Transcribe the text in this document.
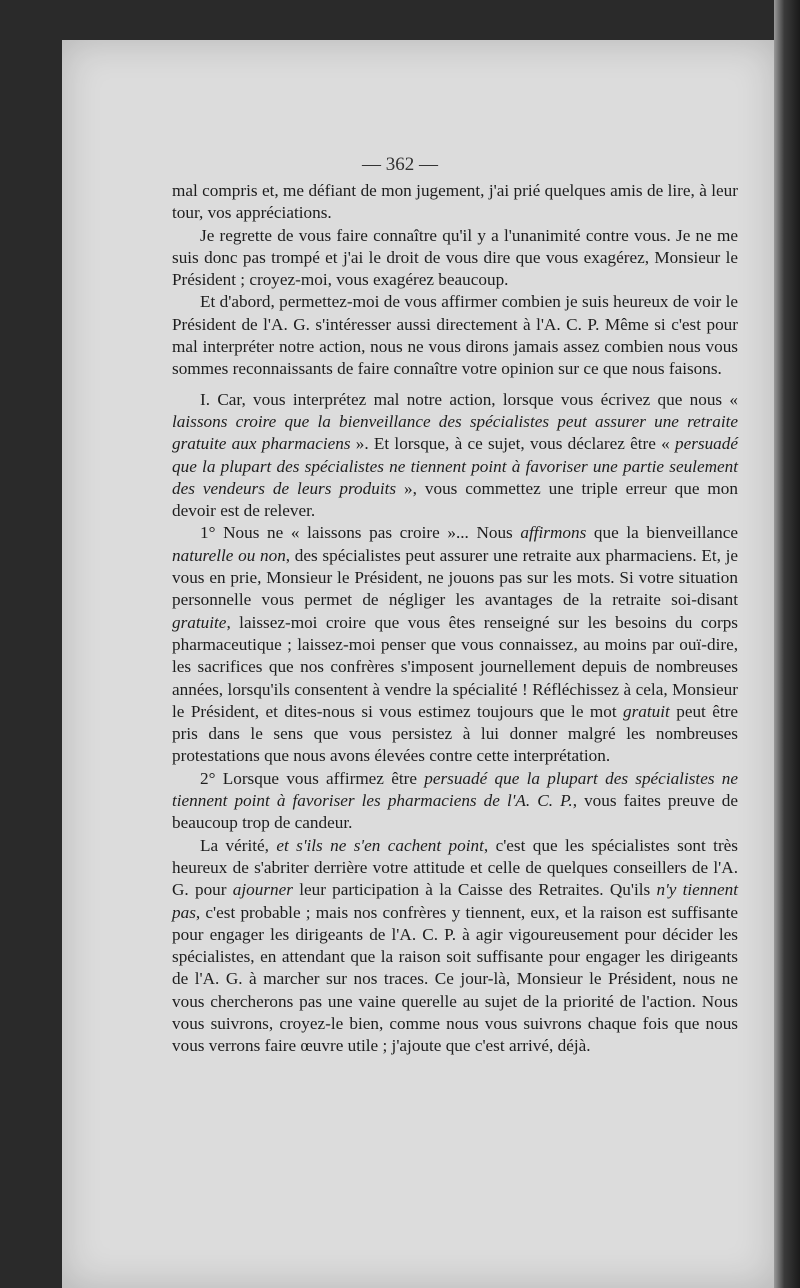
— 362 —

mal compris et, me défiant de mon jugement, j'ai prié quelques amis de lire, à leur tour, vos appréciations.

Je regrette de vous faire connaître qu'il y a l'unanimité contre vous. Je ne me suis donc pas trompé et j'ai le droit de vous dire que vous exagérez, Monsieur le Président ; croyez-moi, vous exagérez beaucoup.

Et d'abord, permettez-moi de vous affirmer combien je suis heureux de voir le Président de l'A. G. s'intéresser aussi directement à l'A. C. P. Même si c'est pour mal interpréter notre action, nous ne vous dirons jamais assez combien nous vous sommes reconnaissants de faire connaître votre opinion sur ce que nous faisons.

I. Car, vous interprétez mal notre action, lorsque vous écrivez que nous « laissons croire que la bienveillance des spécialistes peut assurer une retraite gratuite aux pharmaciens ». Et lorsque, à ce sujet, vous déclarez être « persuadé que la plupart des spécialistes ne tiennent point à favoriser une partie seulement des vendeurs de leurs produits », vous commettez une triple erreur que mon devoir est de relever.

1° Nous ne « laissons pas croire »... Nous affirmons que la bienveillance naturelle ou non, des spécialistes peut assurer une retraite aux pharmaciens. Et, je vous en prie, Monsieur le Président, ne jouons pas sur les mots. Si votre situation personnelle vous permet de négliger les avantages de la retraite soi-disant gratuite, laissez-moi croire que vous êtes renseigné sur les besoins du corps pharmaceutique ; laissez-moi penser que vous connaissez, au moins par ouï-dire, les sacrifices que nos confrères s'imposent journellement depuis de nombreuses années, lorsqu'ils consentent à vendre la spécialité ! Réfléchissez à cela, Monsieur le Président, et dites-nous si vous estimez toujours que le mot gratuit peut être pris dans le sens que vous persistez à lui donner malgré les nombreuses protestations que nous avons élevées contre cette interprétation.

2° Lorsque vous affirmez être persuadé que la plupart des spécialistes ne tiennent point à favoriser les pharmaciens de l'A. C. P., vous faites preuve de beaucoup trop de candeur.

La vérité, et s'ils ne s'en cachent point, c'est que les spécialistes sont très heureux de s'abriter derrière votre attitude et celle de quelques conseillers de l'A. G. pour ajourner leur participation à la Caisse des Retraites. Qu'ils n'y tiennent pas, c'est probable ; mais nos confrères y tiennent, eux, et la raison est suffisante pour engager les dirigeants de l'A. C. P. à agir vigoureusement pour décider les spécialistes, en attendant que la raison soit suffisante pour engager les dirigeants de l'A. G. à marcher sur nos traces. Ce jour-là, Monsieur le Président, nous ne vous chercherons pas une vaine querelle au sujet de la priorité de l'action. Nous vous suivrons, croyez-le bien, comme nous vous suivrons chaque fois que nous vous verrons faire œuvre utile ; j'ajoute que c'est arrivé, déjà.
